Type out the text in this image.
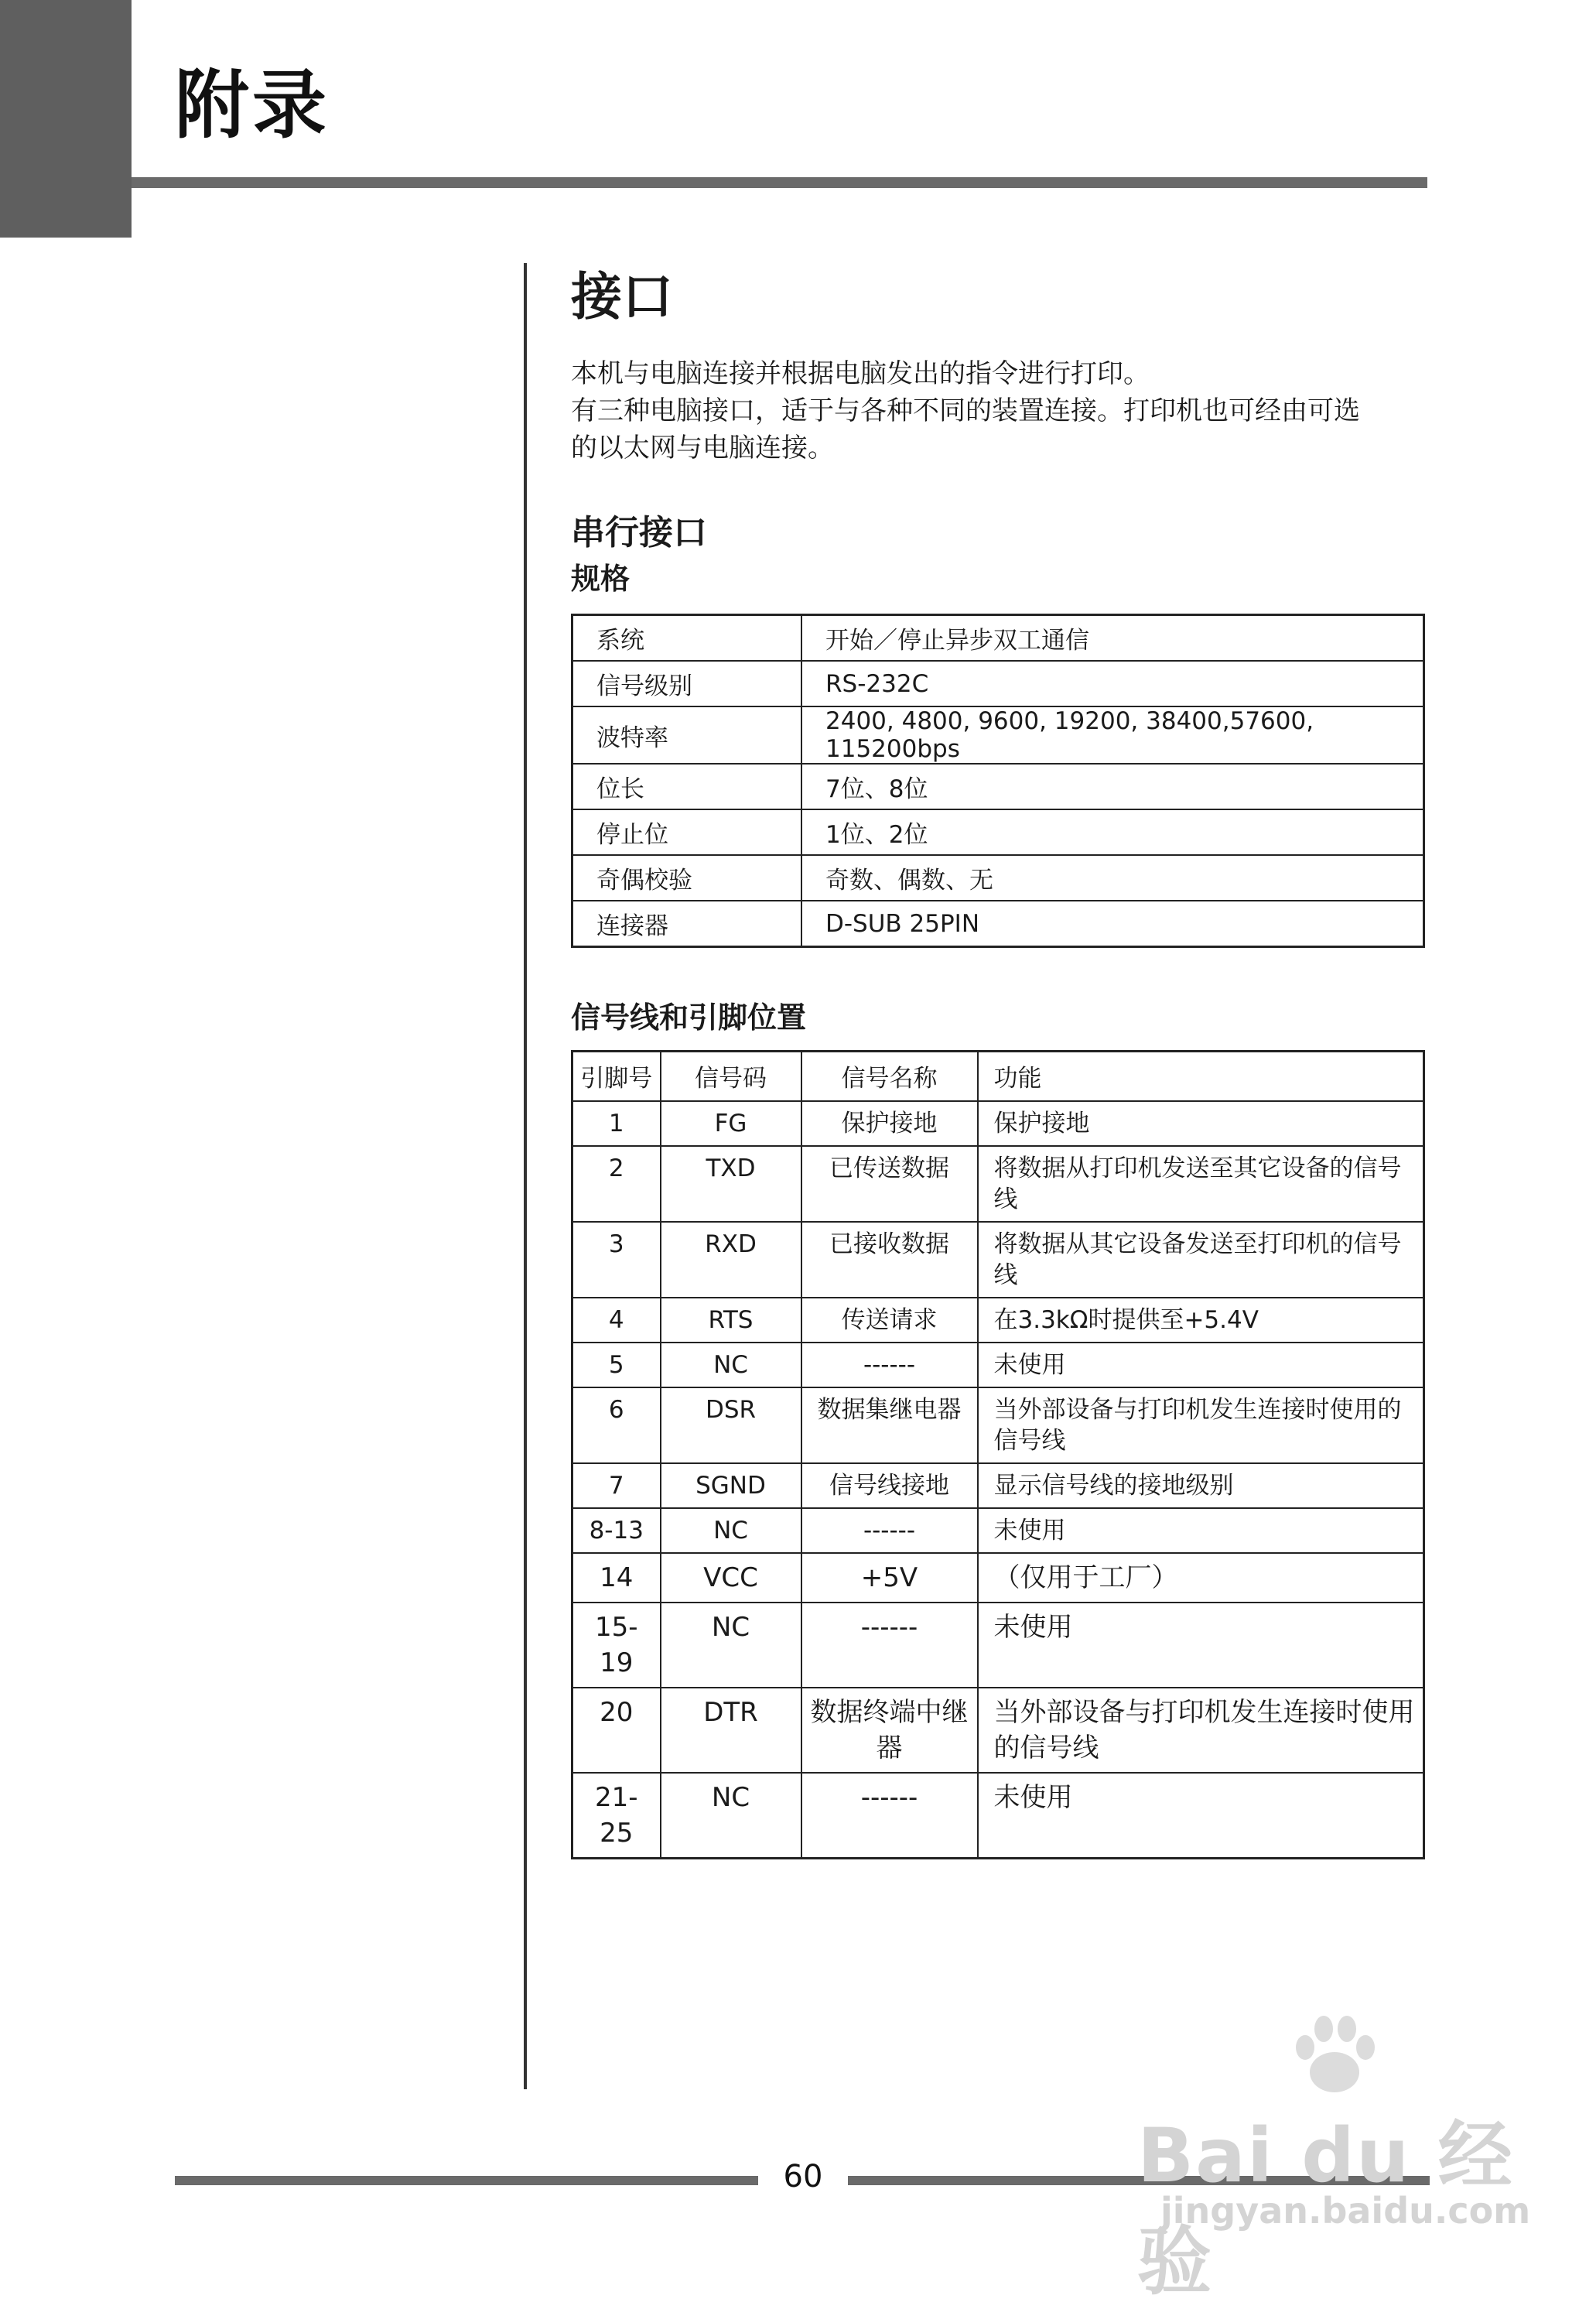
附录
接口

本机与电脑连接并根据电脑发出的指令进行打印。

有三种电脑接口，适于与各种不同的装置连接。打印机也可经由可选

的以太网与电脑连接。

串行接口
规格
系统	开始／停止异步双工通信
信号级别	RS-232C
波特率	2400, 4800, 9600, 19200, 38400,57600, 115200bps
位长	7位、8位
停止位	1位、2位
奇偶校验	奇数、偶数、无
连接器	D-SUB 25PIN
信号线和引脚位置
引脚号	信号码	信号名称	功能
1	FG	保护接地	保护接地
2	TXD	已传送数据	将数据从打印机发送至其它设备的信号线
3	RXD	已接收数据	将数据从其它设备发送至打印机的信号线
4	RTS	传送请求	在3.3kΩ时提供至+5.4V
5	NC	------	未使用
6	DSR	数据集继电器	当外部设备与打印机发生连接时使用的信号线
7	SGND	信号线接地	显示信号线的接地级别
8-13	NC	------	未使用
14	VCC	+5V	（仅用于工厂）
15-19	NC	------	未使用
20	DTR	数据终端中继器	当外部设备与打印机发生连接时使用的信号线
21-25	NC	------	未使用
60	Bai du 经验
jingyan.baidu.com
